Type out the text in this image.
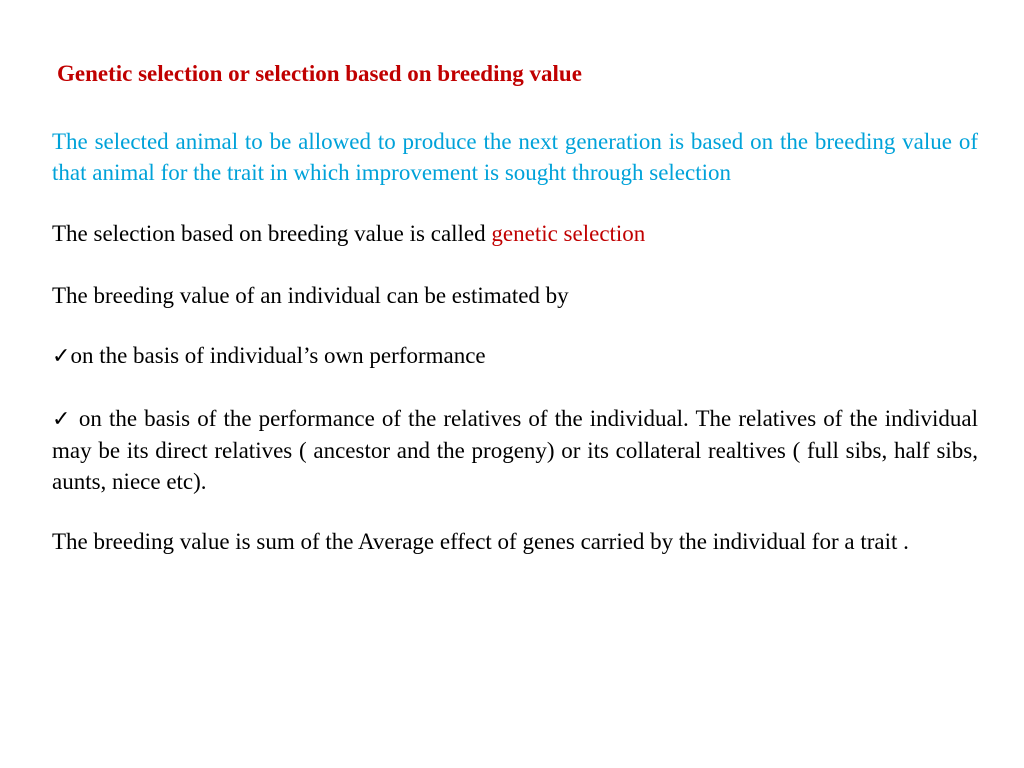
Genetic selection or selection based on breeding value

The selected animal to be allowed to produce the next generation is based on the breeding value of that animal for the trait in which improvement is sought through selection

The selection based on breeding value is called genetic selection

The breeding value of an individual can be estimated by

✓on the basis of individual’s own performance

✓ on the basis of the performance of the relatives of the individual. The relatives of the individual may be its direct relatives ( ancestor and the progeny) or its collateral realtives ( full sibs, half sibs, aunts, niece etc).

The breeding value is sum of the Average effect of genes carried by the individual for a trait .
